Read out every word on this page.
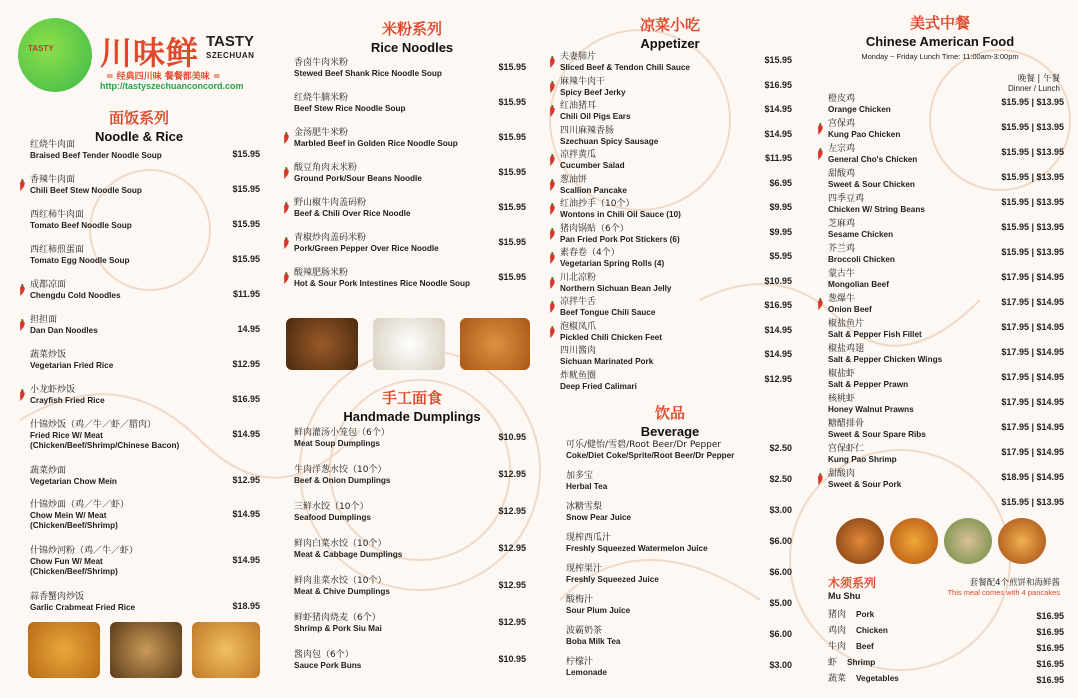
TASTY 川味鲜 TASTY
SZECHUAN
= 经典四川味 餐餐都美味 =
http://tastyszechuanconcord.com
面饭系列
Noodle & Rice
红烧牛肉面
Braised Beef Tender Noodle Soup	$15.95
香辣牛肉面
Chili Beef Stew Noodle Soup	$15.95
西红柿牛肉面
Tomato Beef Noodle Soup	$15.95
西红柿煎蛋面
Tomato Egg Noodle Soup	$15.95
成都凉面
Chengdu Cold Noodles	$11.95
担担面
Dan Dan Noodles	14.95
蔬菜炒饭
Vegetarian Fried Rice	$12.95
小龙虾炒饭
Crayfish Fried Rice	$16.95
什锦炒饭（鸡／牛／虾／腊肉）
Fried Rice W/ Meat
(Chicken/Beef/Shrimp/Chinese Bacon)
$14.95
蔬菜炒面
Vegetarian Chow Mein	$12.95
什锦炒面（鸡／牛／虾）
Chow Mein W/ Meat
(Chicken/Beef/Shrimp)
$14.95
什锦炒河粉（鸡／牛／虾）
Chow Fun W/ Meat
(Chicken/Beef/Shrimp)
$14.95
蒜香蟹肉炒饭
Garlic Crabmeat Fried Rice	$18.95
米粉系列
Rice Noodles
香卤牛肉米粉
Stewed Beef Shank Rice Noodle Soup
$15.95
红烧牛腩米粉
Beef Stew Rice Noodle Soup
$15.95
金汤肥牛米粉
Marbled Beef in Golden Rice Noodle Soup
$15.95
酸豆角肉末米粉
Ground Pork/Sour Beans Noodle
$15.95
野山椒牛肉盖码粉
Beef & Chili Over Rice Noodle
$15.95
青椒炒肉盖码米粉
Pork/Green Pepper Over Rice Noodle
$15.95
酸辣肥肠米粉
Hot & Sour Pork Intestines Rice Noodle Soup
$15.95
手工面食
Handmade Dumplings
鲜肉灌汤小笼包（6个）
Meat Soup Dumplings
$10.95
牛肉洋葱水饺（10个）
Beef & Onion Dumplings
$12.95
三鲜水饺（10个）
Seafood Dumplings
$12.95
鲜肉白菜水饺（10个）
Meat & Cabbage Dumplings
$12.95
鲜肉韭菜水饺（10个）
Meat & Chive Dumplings
$12.95
鲜虾猪肉烧麦（6个）
Shrimp & Pork Siu Mai
$12.95
酱肉包（6个）
Sauce Pork Buns
$10.95
凉菜小吃
Appetizer
夫妻肺片
Sliced Beef & Tendon Chili Sauce
$15.95
麻辣牛肉干
Spicy Beef Jerky
$16.95
红油猪耳
Chili Oil Pigs Ears
$14.95
四川麻辣香肠
Szechuan Spicy Sausage
$14.95
凉拌黄瓜
Cucumber Salad
$11.95
葱油饼
Scallion Pancake
$6.95
红油抄手（10个）
Wontons in Chili Oil Sauce (10)
$9.95
猪肉锅贴（6个）
Pan Fried Pork Pot Stickers (6)
$9.95
素春卷（4个）
Vegetarian Spring Rolls (4)
$5.95
川北凉粉
Northern Sichuan Bean Jelly
$10.95
凉拌牛舌
Beef Tongue Chili Sauce
$16.95
泡椒凤爪
Pickled Chili Chicken Feet
$14.95
四川酱肉
Sichuan Marinated Pork
$14.95
炸鱿鱼圈
Deep Fried Calimari
$12.95
饮品
Beverage
可乐/健怡/雪碧/Root Beer/Dr Pepper
Coke/Diet Coke/Sprite/Root Beer/Dr Pepper
$2.50
加多宝
Herbal Tea
$2.50
冰糖雪梨
Snow Pear Juice
$3.00
现榨西瓜汁
Freshly Squeezed Watermelon Juice
$6.00
现榨果汁
Freshly Squeezed Juice
$6.00
酸梅汁
Sour Plum Juice
$5.00
波霸奶茶
Boba Milk Tea
$6.00
柠檬汁
Lemonade
$3.00
美式中餐
Chinese American Food
Monday ~ Friday Lunch Time: 11:00am-3:00pm
晚餐 | 午餐
Dinner / Lunch
橙皮鸡
Orange Chicken
$15.95 | $13.95
宫保鸡
Kung Pao Chicken
$15.95 | $13.95
左宗鸡
General Cho's Chicken
$15.95 | $13.95
甜酸鸡
Sweet & Sour Chicken
$15.95 | $13.95
四季豆鸡
Chicken W/ String Beans
$15.95 | $13.95
芝麻鸡
Sesame Chicken
$15.95 | $13.95
芥兰鸡
Broccoli Chicken
$15.95 | $13.95
蒙古牛
Mongolian Beef
$17.95 | $14.95
葱爆牛
Onion Beef
$17.95 | $14.95
椒盐鱼片
Salt & Pepper Fish Fillet
$17.95 | $14.95
椒盐鸡翅
Salt & Pepper Chicken Wings
$17.95 | $14.95
椒盐虾
Salt & Pepper Prawn
$17.95 | $14.95
核桃虾
Honey Walnut Prawns
$17.95 | $14.95
糖醋排骨
Sweet & Sour Spare Ribs
$17.95 | $14.95
宫保虾仁
Kung Pao Shrimp
$17.95 | $14.95
甜酸肉
Sweet & Sour Pork
$18.95 | $14.95
$15.95 | $13.95
木须系列
Mu Shu
套餐配4个煎饼和海鲜酱
This meal comes with 4 pancakes
猪肉 Pork	$16.95
鸡肉 Chicken	$16.95
牛肉 Beef	$16.95
虾 Shrimp	$16.95
蔬菜 Vegetables	$16.95
